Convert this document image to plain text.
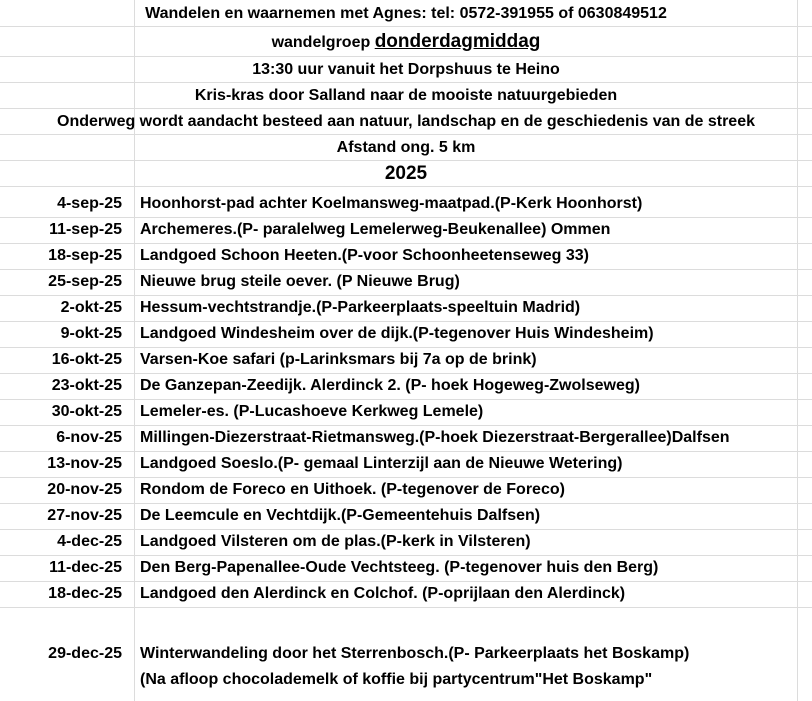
Wandelen en waarnemen met Agnes: tel: 0572-391955 of 0630849512
wandelgroep donderdagmiddag
13:30 uur vanuit het Dorpshuus te Heino
Kris-kras door Salland naar de mooiste natuurgebieden
Onderweg wordt aandacht besteed aan natuur, landschap en de geschiedenis van de streek
Afstand ong. 5 km
2025
4-sep-25 Hoonhorst-pad achter Koelmansweg-maatpad.(P-Kerk Hoonhorst)
11-sep-25 Archemeres.(P- paralelweg Lemelerweg-Beukenallee) Ommen
18-sep-25 Landgoed Schoon Heeten.(P-voor Schoonheetenseweg 33)
25-sep-25 Nieuwe brug steile oever. (P Nieuwe Brug)
2-okt-25 Hessum-vechtstrandje.(P-Parkeerplaats-speeltuin Madrid)
9-okt-25 Landgoed Windesheim over de dijk.(P-tegenover Huis Windesheim)
16-okt-25 Varsen-Koe safari (p-Larinksmars bij 7a op de brink)
23-okt-25 De Ganzepan-Zeedijk. Alerdinck 2. (P- hoek Hogeweg-Zwolseweg)
30-okt-25 Lemeler-es. (P-Lucashoeve Kerkweg Lemele)
6-nov-25 Millingen-Diezerstraat-Rietmansweg.(P-hoek Diezerstraat-Bergerallee)Dalfsen
13-nov-25 Landgoed Soeslo.(P- gemaal Linterzijl aan de Nieuwe Wetering)
20-nov-25 Rondom de Foreco en Uithoek. (P-tegenover de Foreco)
27-nov-25 De Leemcule en Vechtdijk.(P-Gemeentehuis Dalfsen)
4-dec-25 Landgoed Vilsteren om de plas.(P-kerk in Vilsteren)
11-dec-25 Den Berg-Papenallee-Oude Vechtsteeg. (P-tegenover huis den Berg)
18-dec-25 Landgoed den Alerdinck en Colchof. (P-oprijlaan den Alerdinck)
29-dec-25 Winterwandeling door het Sterrenbosch.(P- Parkeerplaats het Boskamp)
(Na afloop chocolademelk of koffie bij partycentrum"Het Boskamp"
